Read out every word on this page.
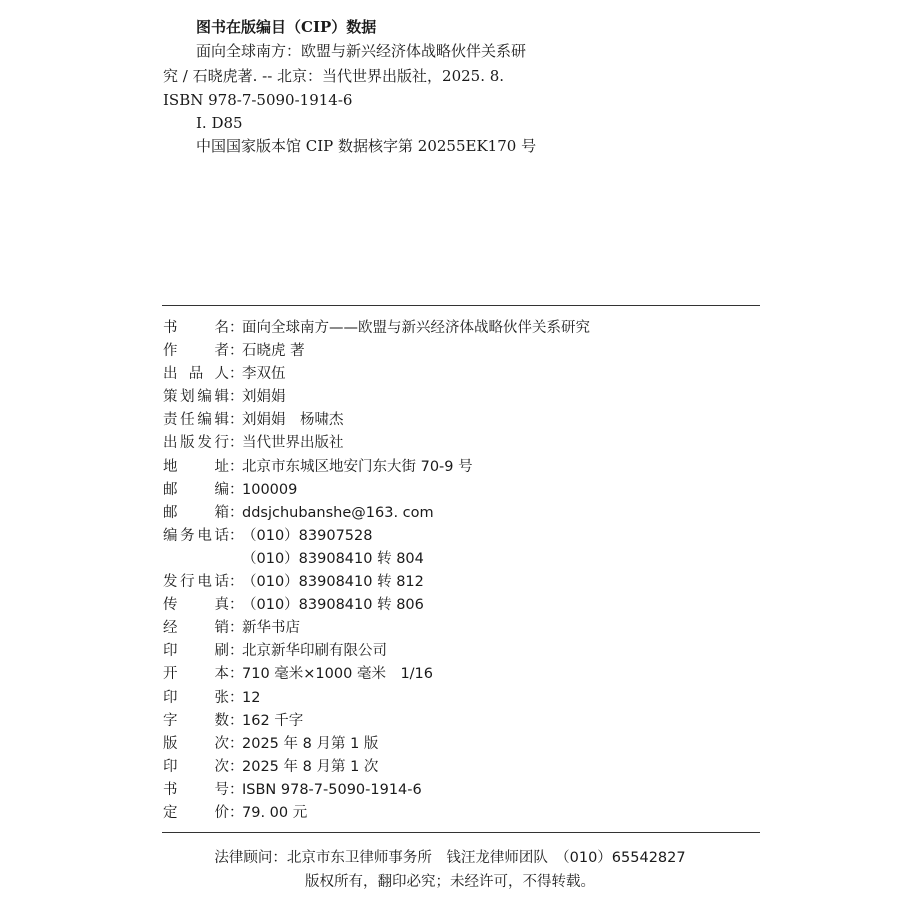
图书在版编目（CIP）数据
面向全球南方：欧盟与新兴经济体战略伙伴关系研
究 / 石晓虎著. -- 北京：当代世界出版社，2025. 8.
ISBN 978-7-5090-1914-6
Ⅰ. D85
中国国家版本馆 CIP 数据核字第 20255EK170 号
书名 ：
面向全球南方——欧盟与新兴经济体战略伙伴关系研究
作者 ：
石晓虎 著
出品人 ：
李双伍
策划编辑 ：
刘娟娟
责任编辑 ：
刘娟娟　杨啸杰
出版发行 ：
当代世界出版社
地址 ：
北京市东城区地安门东大街 70-9 号
邮编 ：
100009
邮箱 ：
ddsjchubanshe@163. com
编务电话 ：
（010）83907528
（010）83908410 转 804
发行电话 ：
（010）83908410 转 812
传真 ：
（010）83908410 转 806
经销 ：
新华书店
印刷 ：
北京新华印刷有限公司
开本 ：
710 毫米×1000 毫米　1/16
印张 ：
12
字数 ：
162 千字
版次 ：
2025 年 8 月第 1 版
印次 ：
2025 年 8 月第 1 次
书号 ：
ISBN 978-7-5090-1914-6
定价 ：
79. 00 元
法律顾问：北京市东卫律师事务所　钱汪龙律师团队　（010）65542827
版权所有，翻印必究；未经许可，不得转载。
